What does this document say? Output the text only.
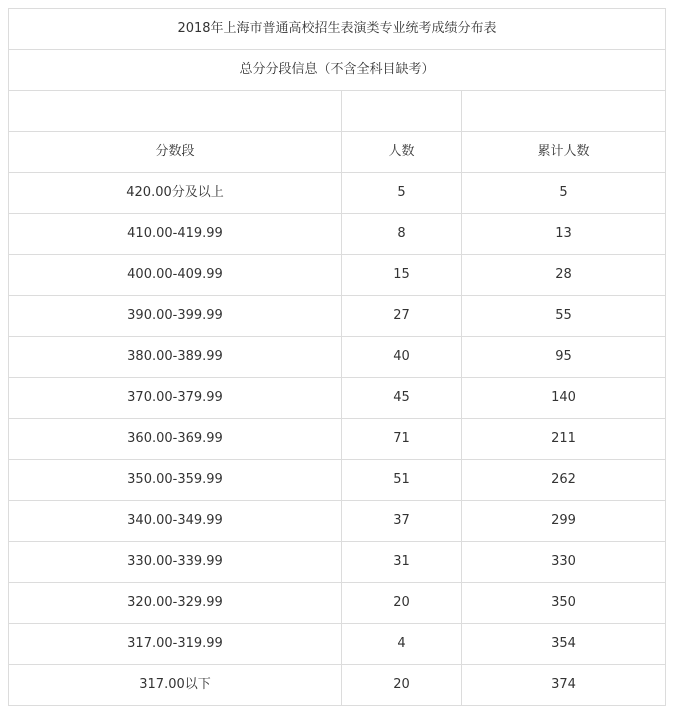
2018年上海市普通高校招生表演类专业统考成绩分布表		
总分分段信息（不含全科目缺考）		

分数段	人数	累计人数
420.00分及以上	5	5
410.00-419.99	8	13
400.00-409.99	15	28
390.00-399.99	27	55
380.00-389.99	40	95
370.00-379.99	45	140
360.00-369.99	71	211
350.00-359.99	51	262
340.00-349.99	37	299
330.00-339.99	31	330
320.00-329.99	20	350
317.00-319.99	4	354
317.00以下	20	374
